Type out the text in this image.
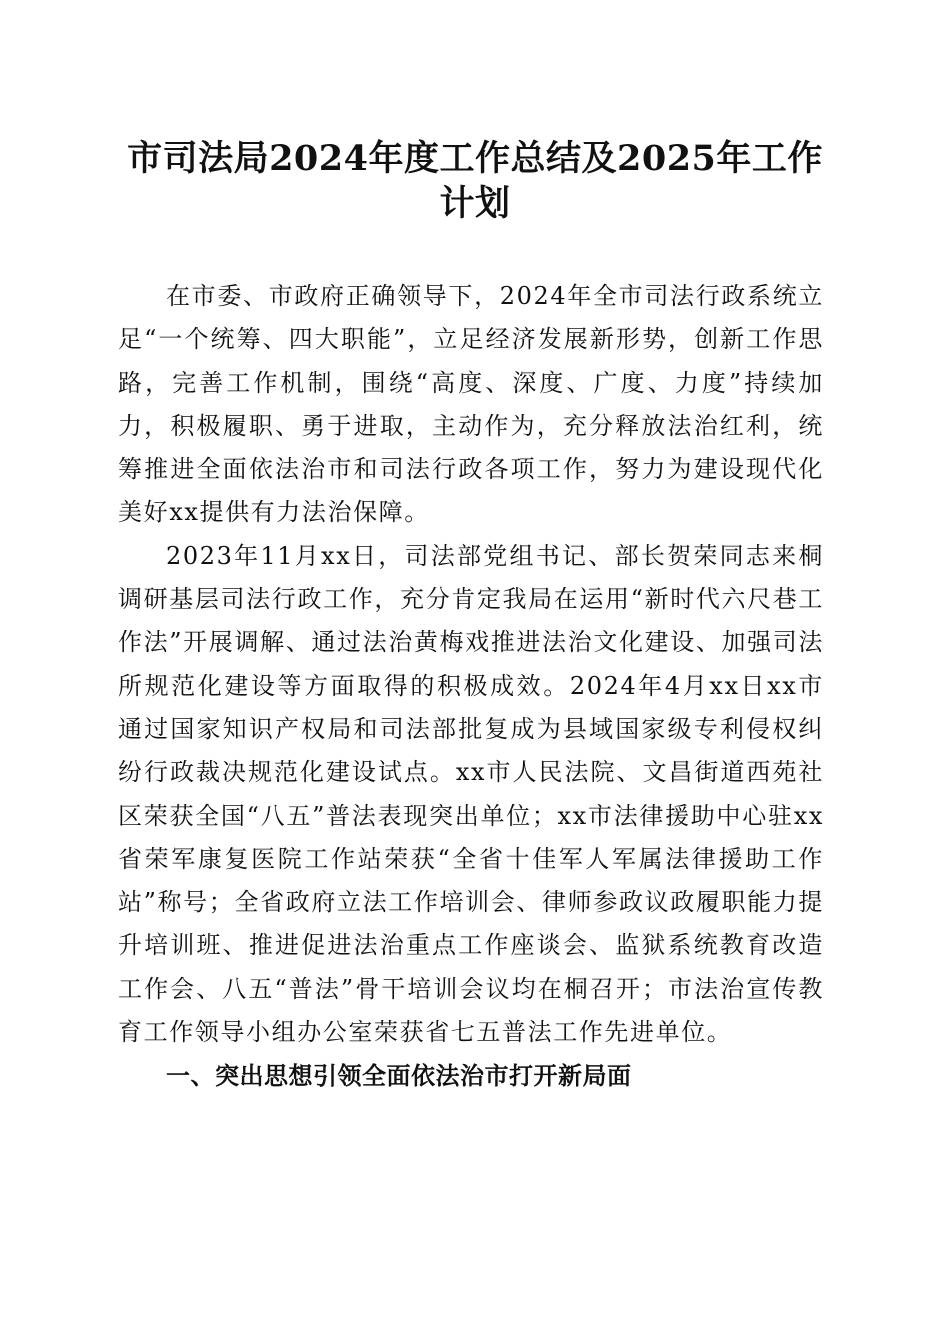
市司法局2024年度工作总结及2025年工作计划

在市委、市政府正确领导下，2024年全市司法行政系统立足“一个统筹、四大职能”，立足经济发展新形势，创新工作思路，完善工作机制，围绕“高度、深度、广度、力度”持续加力，积极履职、勇于进取，主动作为，充分释放法治红利，统筹推进全面依法治市和司法行政各项工作，努力为建设现代化美好xx提供有力法治保障。

2023年11月xx日，司法部党组书记、部长贺荣同志来桐调研基层司法行政工作，充分肯定我局在运用“新时代六尺巷工作法”开展调解、通过法治黄梅戏推进法治文化建设、加强司法所规范化建设等方面取得的积极成效。2024年4月xx日xx市通过国家知识产权局和司法部批复成为县域国家级专利侵权纠纷行政裁决规范化建设试点。xx市人民法院、文昌街道西苑社区荣获全国“八五”普法表现突出单位；xx市法律援助中心驻xx省荣军康复医院工作站荣获“全省十佳军人军属法律援助工作站”称号；全省政府立法工作培训会、律师参政议政履职能力提升培训班、推进促进法治重点工作座谈会、监狱系统教育改造工作会、八五“普法”骨干培训会议均在桐召开；市法治宣传教育工作领导小组办公室荣获省七五普法工作先进单位。

一、突出思想引领全面依法治市打开新局面
